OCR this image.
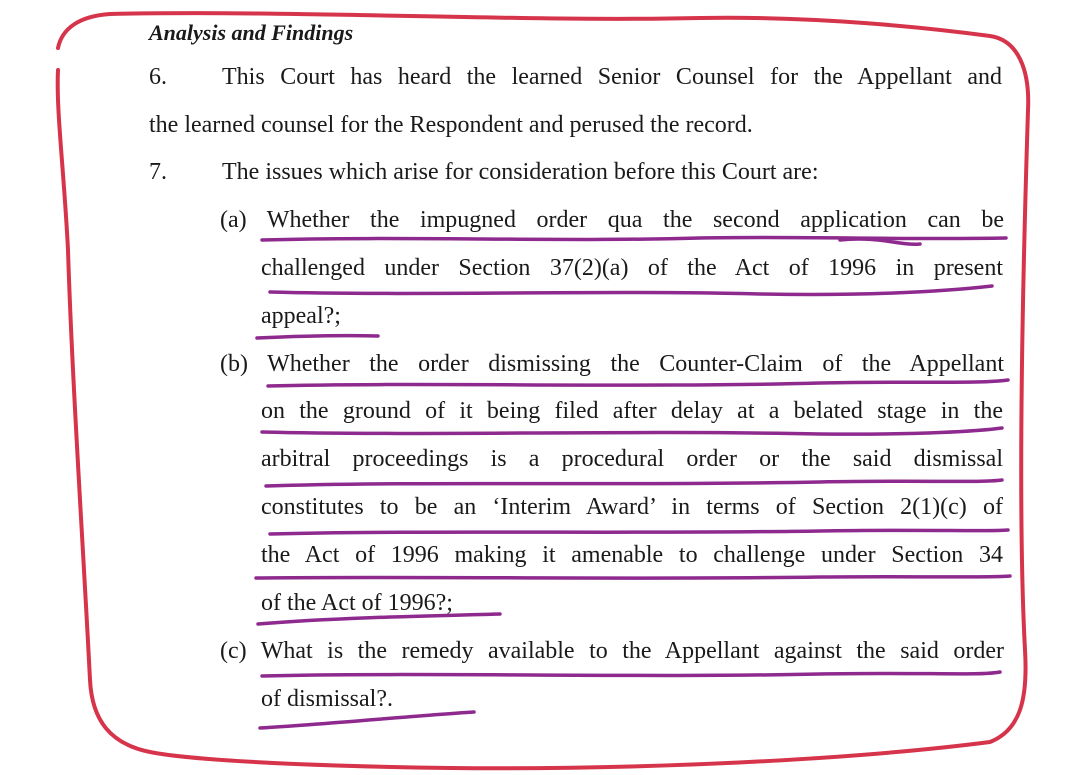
Analysis and Findings
6. This Court has heard the learned Senior Counsel for the Appellant and
the learned counsel for the Respondent and perused the record.
7. The issues which arise for consideration before this Court are:
(a) Whether the impugned order qua the second application can be
challenged under Section 37(2)(a) of the Act of 1996 in present
appeal?;
(b) Whether the order dismissing the Counter-Claim of the Appellant
on the ground of it being filed after delay at a belated stage in the
arbitral proceedings is a procedural order or the said dismissal
constitutes to be an ‘Interim Award’ in terms of Section 2(1)(c) of
the Act of 1996 making it amenable to challenge under Section 34
of the Act of 1996?;
(c) What is the remedy available to the Appellant against the said order
of dismissal?.
